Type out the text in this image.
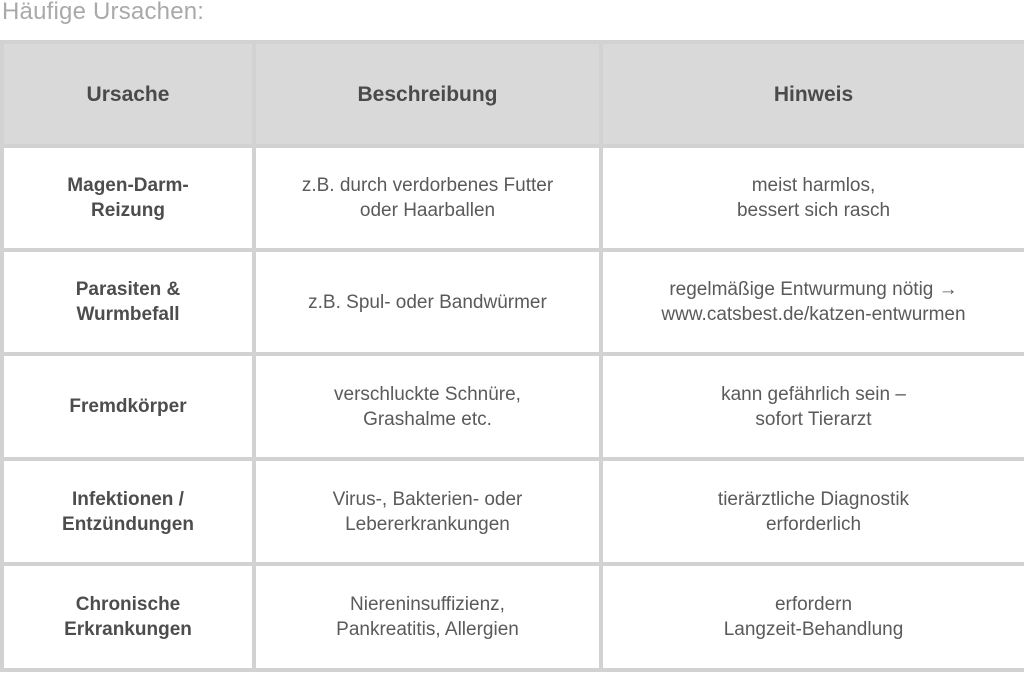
Häufige Ursachen:
Ursache	Beschreibung	Hinweis
Magen-Darm-
Reizung
z.B. durch verdorbenes Futter
oder Haarballen
meist harmlos,
bessert sich rasch
Parasiten &
Wurmbefall
z.B. Spul- oder Bandwürmer
regelmäßige Entwurmung nötig →
www.catsbest.de/katzen-entwurmen
Fremdkörper
verschluckte Schnüre,
Grashalme etc.
kann gefährlich sein –
sofort Tierarzt
Infektionen /
Entzündungen
Virus-, Bakterien- oder
Lebererkrankungen
tierärztliche Diagnostik
erforderlich
Chronische
Erkrankungen
Niereninsuffizienz,
Pankreatitis, Allergien
erfordern
Langzeit-Behandlung
